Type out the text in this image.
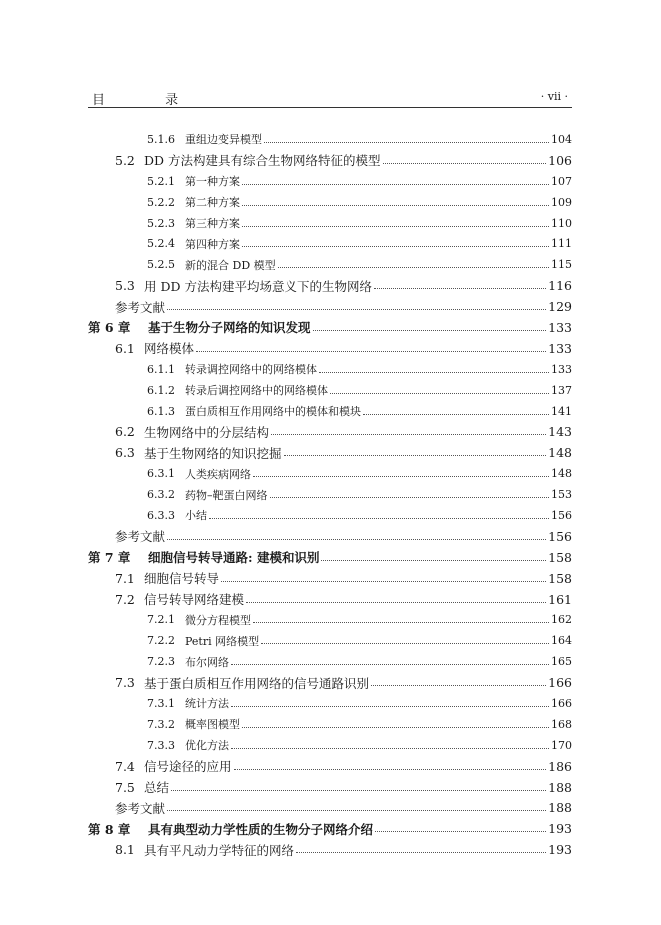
目 录	· vii ·
5.1.6 重组边变异模型	104
5.2 DD 方法构建具有综合生物网络特征的模型	106
5.2.1 第一种方案	107
5.2.2 第二种方案	109
5.2.3 第三种方案	110
5.2.4 第四种方案	111
5.2.5 新的混合 DD 模型	115
5.3 用 DD 方法构建平均场意义下的生物网络	116
参考文献	129
第 6 章	基于生物分子网络的知识发现	133
6.1 网络模体	133
6.1.1 转录调控网络中的网络模体	133
6.1.2 转录后调控网络中的网络模体	137
6.1.3 蛋白质相互作用网络中的模体和模块	141
6.2 生物网络中的分层结构	143
6.3 基于生物网络的知识挖掘	148
6.3.1 人类疾病网络	148
6.3.2 药物–靶蛋白网络	153
6.3.3 小结	156
参考文献	156
第 7 章	细胞信号转导通路: 建模和识别	158
7.1 细胞信号转导	158
7.2 信号转导网络建模	161
7.2.1 微分方程模型	162
7.2.2 Petri 网络模型	164
7.2.3 布尔网络	165
7.3 基于蛋白质相互作用网络的信号通路识别	166
7.3.1 统计方法	166
7.3.2 概率图模型	168
7.3.3 优化方法	170
7.4 信号途径的应用	186
7.5 总结	188
参考文献	188
第 8 章	具有典型动力学性质的生物分子网络介绍	193
8.1 具有平凡动力学特征的网络	193
